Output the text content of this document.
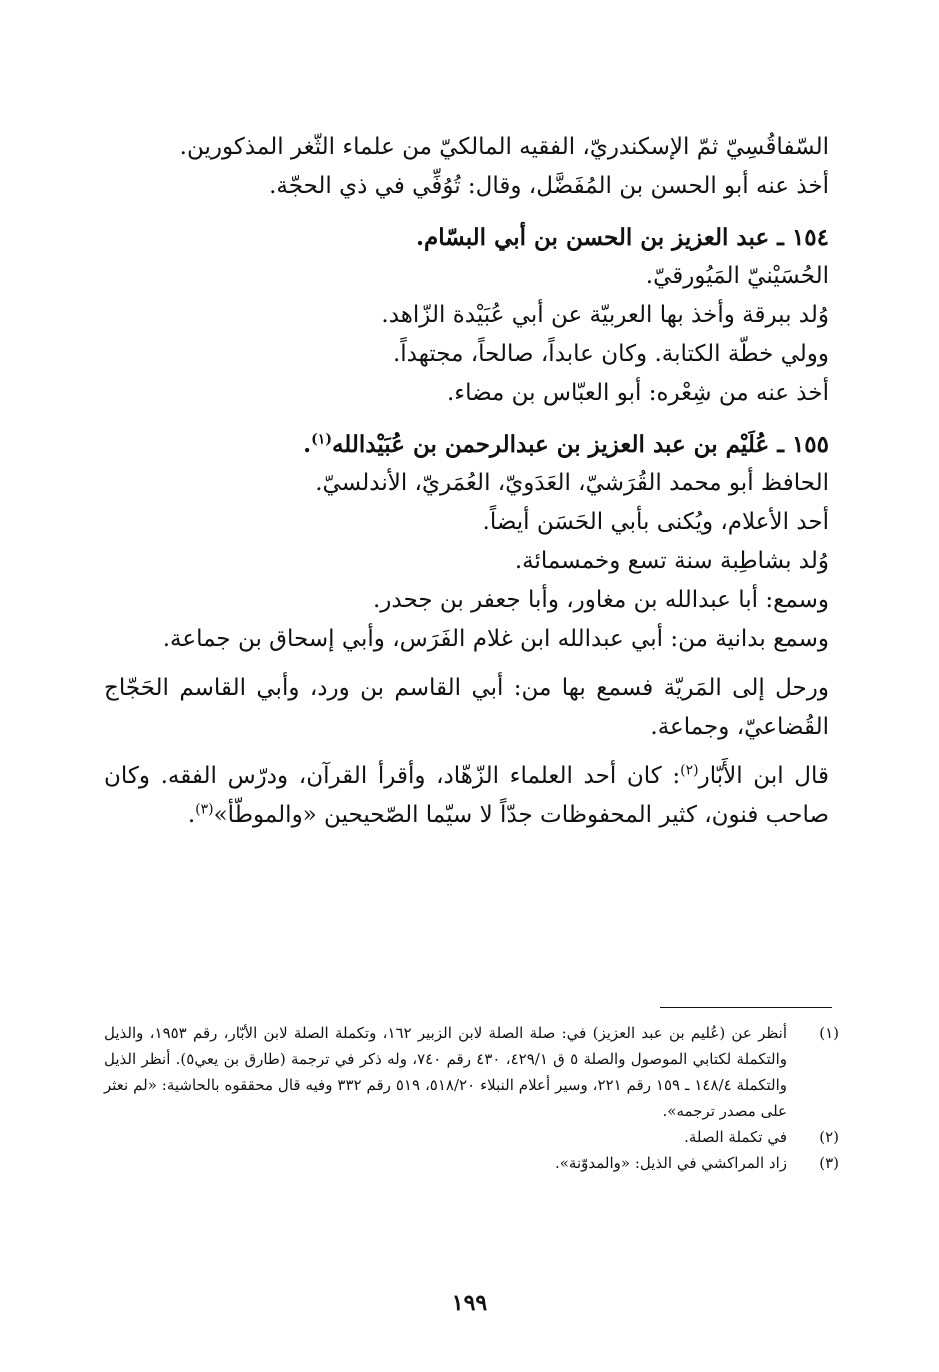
السّفاقُسِيّ ثمّ الإسكندريّ، الفقيه المالكيّ من علماء الثّغر المذكورين.
أخذ عنه أبو الحسن بن المُفَضَّل، وقال: تُوُفِّي في ذي الحجّة.
١٥٤ ـ عبد العزيز بن الحسن بن أبي البسّام.
الحُسَيْنيّ المَيُورقيّ.
وُلد ببرقة وأخذ بها العربيّة عن أبي عُبَيْدة الزّاهد.
وولي خطّة الكتابة. وكان عابداً، صالحاً، مجتهداً.
أخذ عنه من شِعْره: أبو العبّاس بن مضاء.
١٥٥ ـ عُلَيْم بن عبد العزيز بن عبدالرحمن بن عُبَيْدالله$^{(١)}$.
الحافظ أبو محمد القُرَشيّ، العَدَويّ، العُمَريّ، الأندلسيّ.
أحد الأعلام، ويُكنى بأبي الحَسَن أيضاً.
وُلد بشاطِبة سنة تسع وخمسمائة.
وسمع: أبا عبدالله بن مغاور، وأبا جعفر بن جحدر.
وسمع بدانية من: أبي عبدالله ابن غلام الفَرَس، وأبي إسحاق بن جماعة.
ورحل إلى المَريّة فسمع بها من: أبي القاسم بن ورد، وأبي القاسم الحَجّاج القُضاعيّ، وجماعة.
قال ابن الأَبّار$^{(٢)}$: كان أحد العلماء الزّهّاد، وأقرأ القرآن، ودرّس الفقه. وكان صاحب فنون، كثير المحفوظات جدّاً لا سيّما الصّحيحين «والموطّأ»$^{(٣)}$.
(١)
أنظر عن (عُليم بن عبد العزيز) في: صلة الصلة لابن الزبير ١٦٢، وتكملة الصلة لابن الأبّار، رقم ١٩٥٣، والذيل والتكملة لكتابي الموصول والصلة ٥ ق ٤٢٩/١، ٤٣٠ رقم ٧٤٠، وله ذكر في ترجمة (طارق بن يعي٥). أنظر الذيل والتكملة ١٤٨/٤ ـ ١٥٩ رقم ٢٢١، وسير أعلام النبلاء ٥١٨/٢٠، ٥١٩ رقم ٣٣٢ وفيه قال محققوه بالحاشية: «لم نعثر على مصدر ترجمه».
(٢)
في تكملة الصلة.
(٣)
زاد المراكشي في الذيل: «والمدوّنة».
١٩٩
